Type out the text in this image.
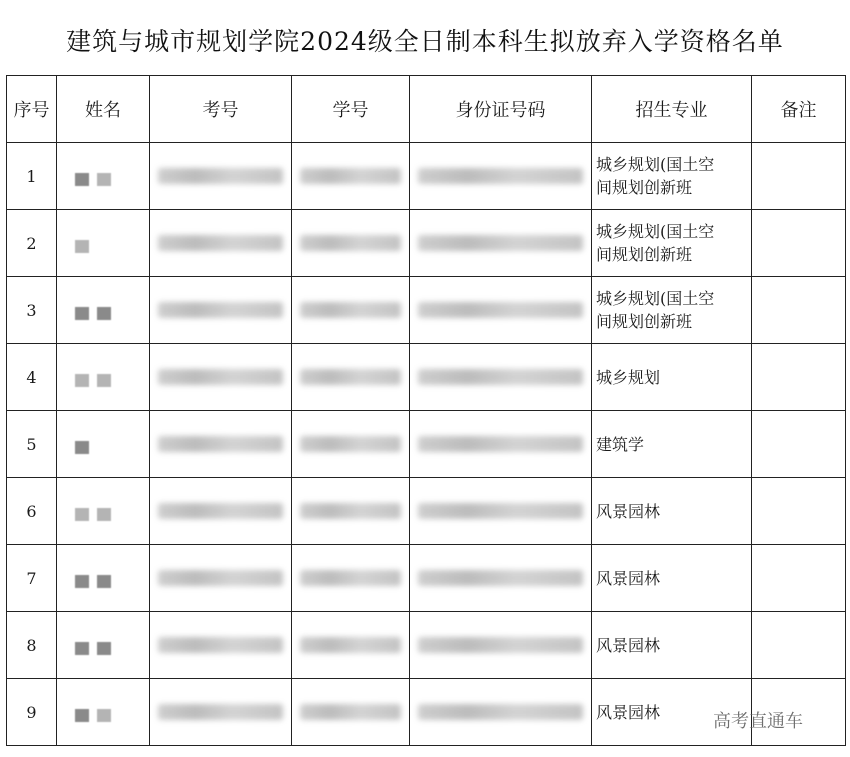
建筑与城市规划学院2024级全日制本科生拟放弃入学资格名单
序号	姓名	考号	学号	身份证号码	招生专业	备注
1					城乡规划(国土空
间规划创新班	

2					城乡规划(国土空
间规划创新班	

3					城乡规划(国土空
间规划创新班	

4					城乡规划	

5					建筑学	

6					风景园林	

7					风景园林	

8					风景园林	

9					风景园林	
		高考直通车
